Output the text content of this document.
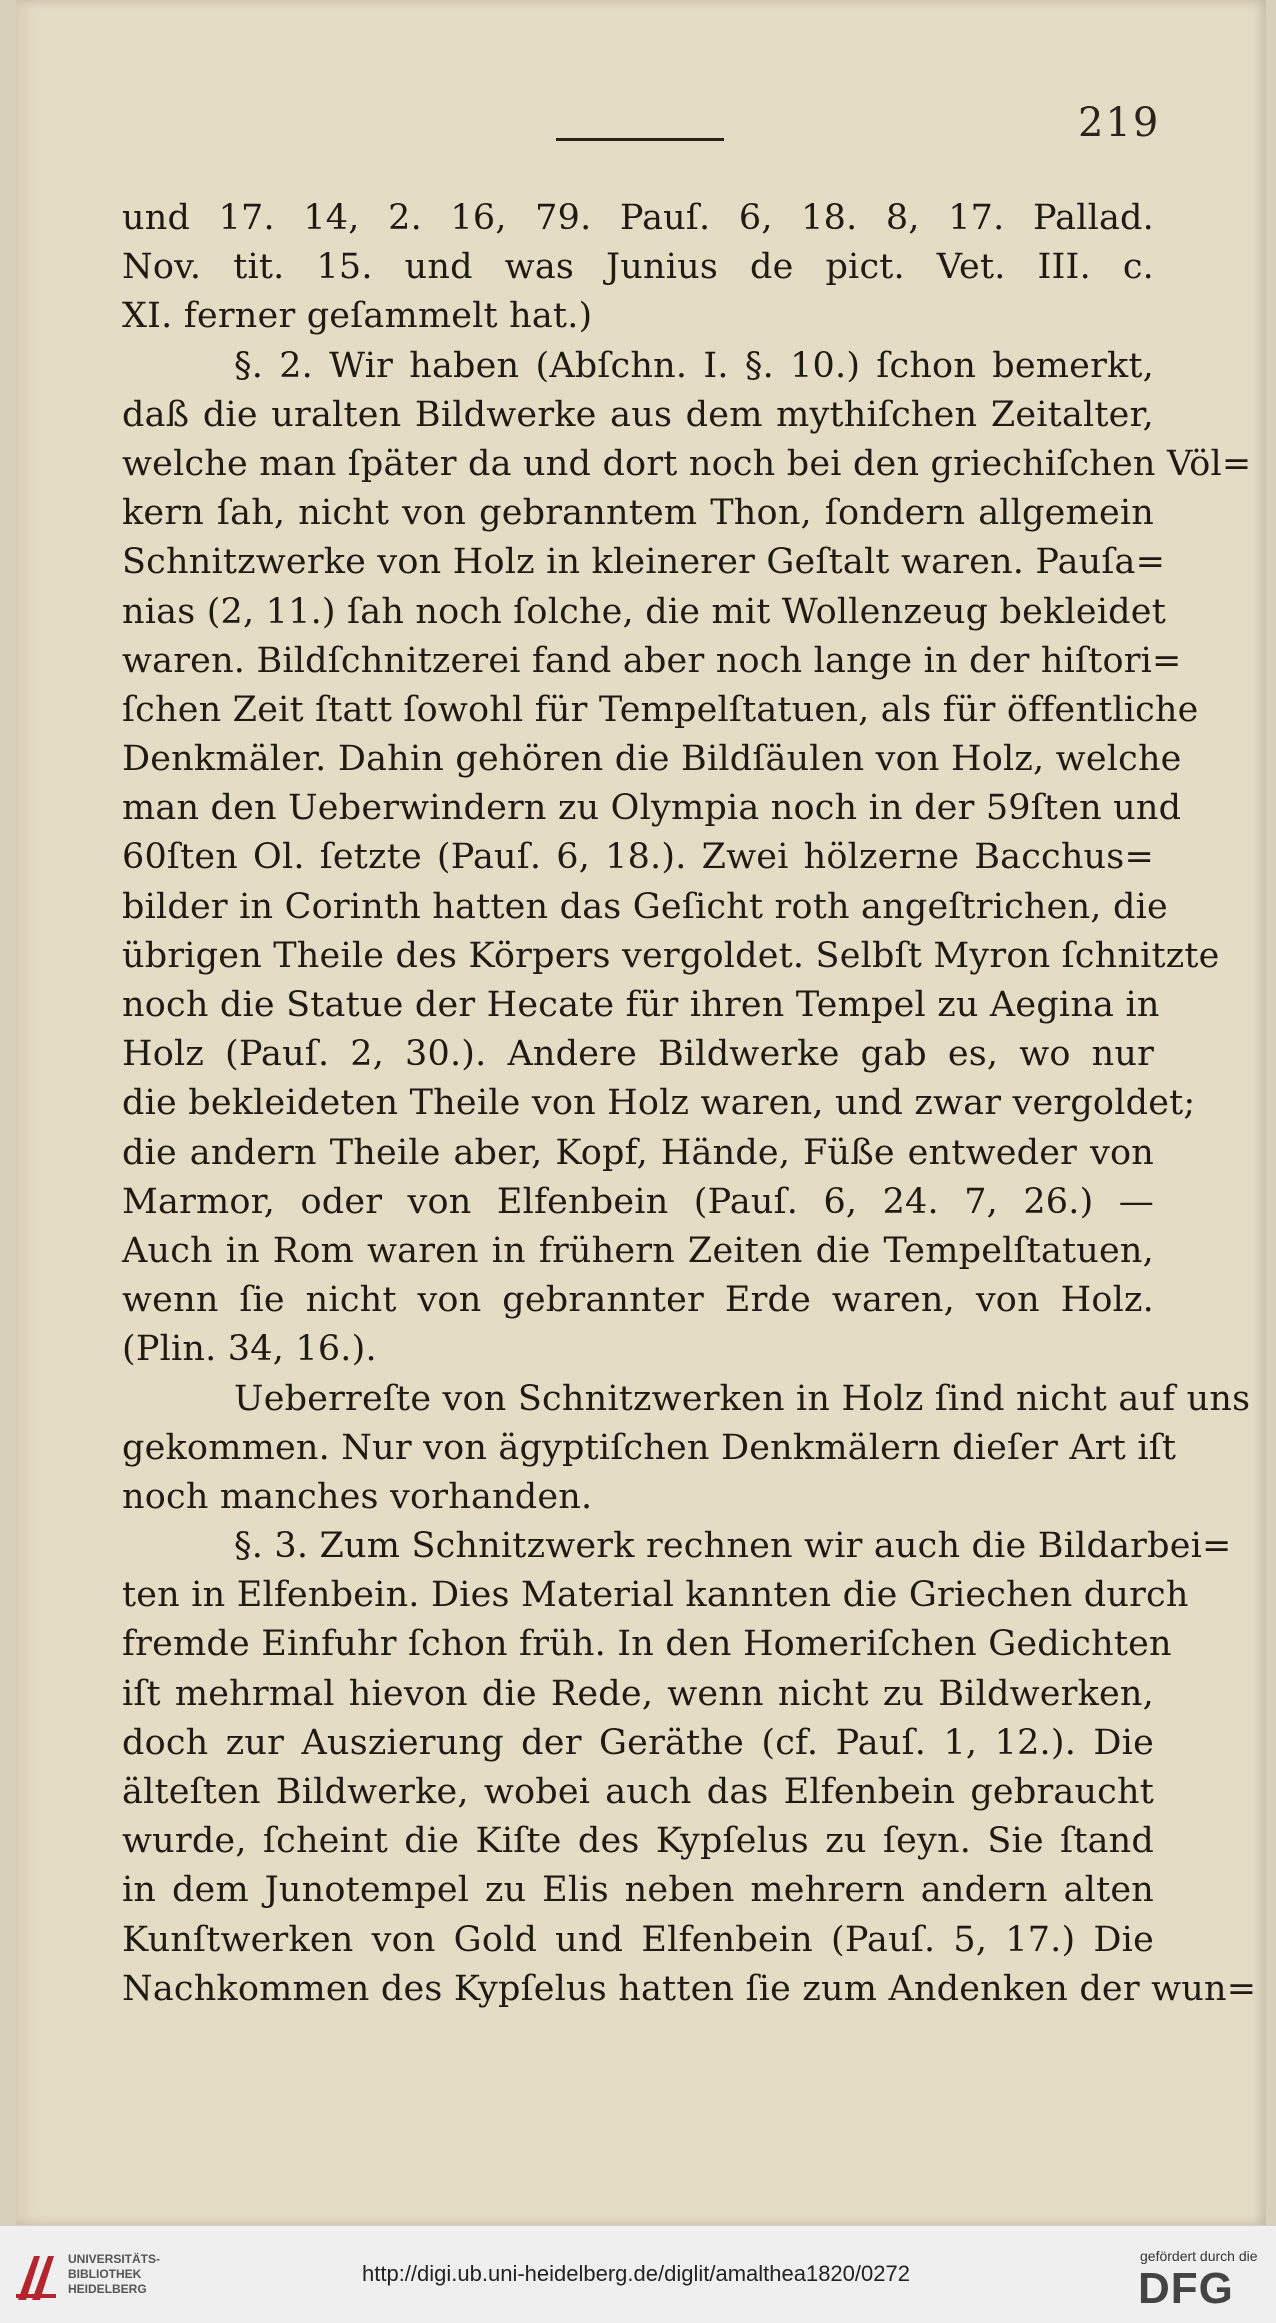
219
und 17. 14, 2. 16, 79. Pauſ. 6, 18. 8, 17. Pallad.
Nov. tit. 15. und was Junius de pict. Vet. III. c.
XI. ferner geſammelt hat.)
§. 2. Wir haben (Abſchn. I. §. 10.) ſchon bemerkt,
daß die uralten Bildwerke aus dem mythiſchen Zeitalter,
welche man ſpäter da und dort noch bei den griechiſchen Völ=
kern ſah, nicht von gebranntem Thon, ſondern allgemein
Schnitzwerke von Holz in kleinerer Geſtalt waren. Pauſa=
nias (2, 11.) ſah noch ſolche, die mit Wollenzeug bekleidet
waren. Bildſchnitzerei fand aber noch lange in der hiſtori=
ſchen Zeit ſtatt ſowohl für Tempelſtatuen, als für öffentliche
Denkmäler. Dahin gehören die Bildſäulen von Holz, welche
man den Ueberwindern zu Olympia noch in der 59ſten und
60ſten Ol. ſetzte (Pauſ. 6, 18.). Zwei hölzerne Bacchus=
bilder in Corinth hatten das Geſicht roth angeſtrichen, die
übrigen Theile des Körpers vergoldet. Selbſt Myron ſchnitzte
noch die Statue der Hecate für ihren Tempel zu Aegina in
Holz (Pauſ. 2, 30.). Andere Bildwerke gab es, wo nur
die bekleideten Theile von Holz waren, und zwar vergoldet;
die andern Theile aber, Kopf, Hände, Füße entweder von
Marmor, oder von Elfenbein (Pauſ. 6, 24. 7, 26.) —
Auch in Rom waren in frühern Zeiten die Tempelſtatuen,
wenn ſie nicht von gebrannter Erde waren, von Holz.
(Plin. 34, 16.).
Ueberreſte von Schnitzwerken in Holz ſind nicht auf uns
gekommen. Nur von ägyptiſchen Denkmälern dieſer Art iſt
noch manches vorhanden.
§. 3. Zum Schnitzwerk rechnen wir auch die Bildarbei=
ten in Elfenbein. Dies Material kannten die Griechen durch
fremde Einfuhr ſchon früh. In den Homeriſchen Gedichten
iſt mehrmal hievon die Rede, wenn nicht zu Bildwerken,
doch zur Auszierung der Geräthe (cf. Pauſ. 1, 12.). Die
älteſten Bildwerke, wobei auch das Elfenbein gebraucht
wurde, ſcheint die Kiſte des Kypſelus zu ſeyn. Sie ſtand
in dem Junotempel zu Elis neben mehrern andern alten
Kunſtwerken von Gold und Elfenbein (Pauſ. 5, 17.) Die
Nachkommen des Kypſelus hatten ſie zum Andenken der wun=
UNIVERSITÄTS-
BIBLIOTHEK
HEIDELBERG
http://digi.ub.uni-heidelberg.de/diglit/amalthea1820/0272
gefördert durch die
DFG
